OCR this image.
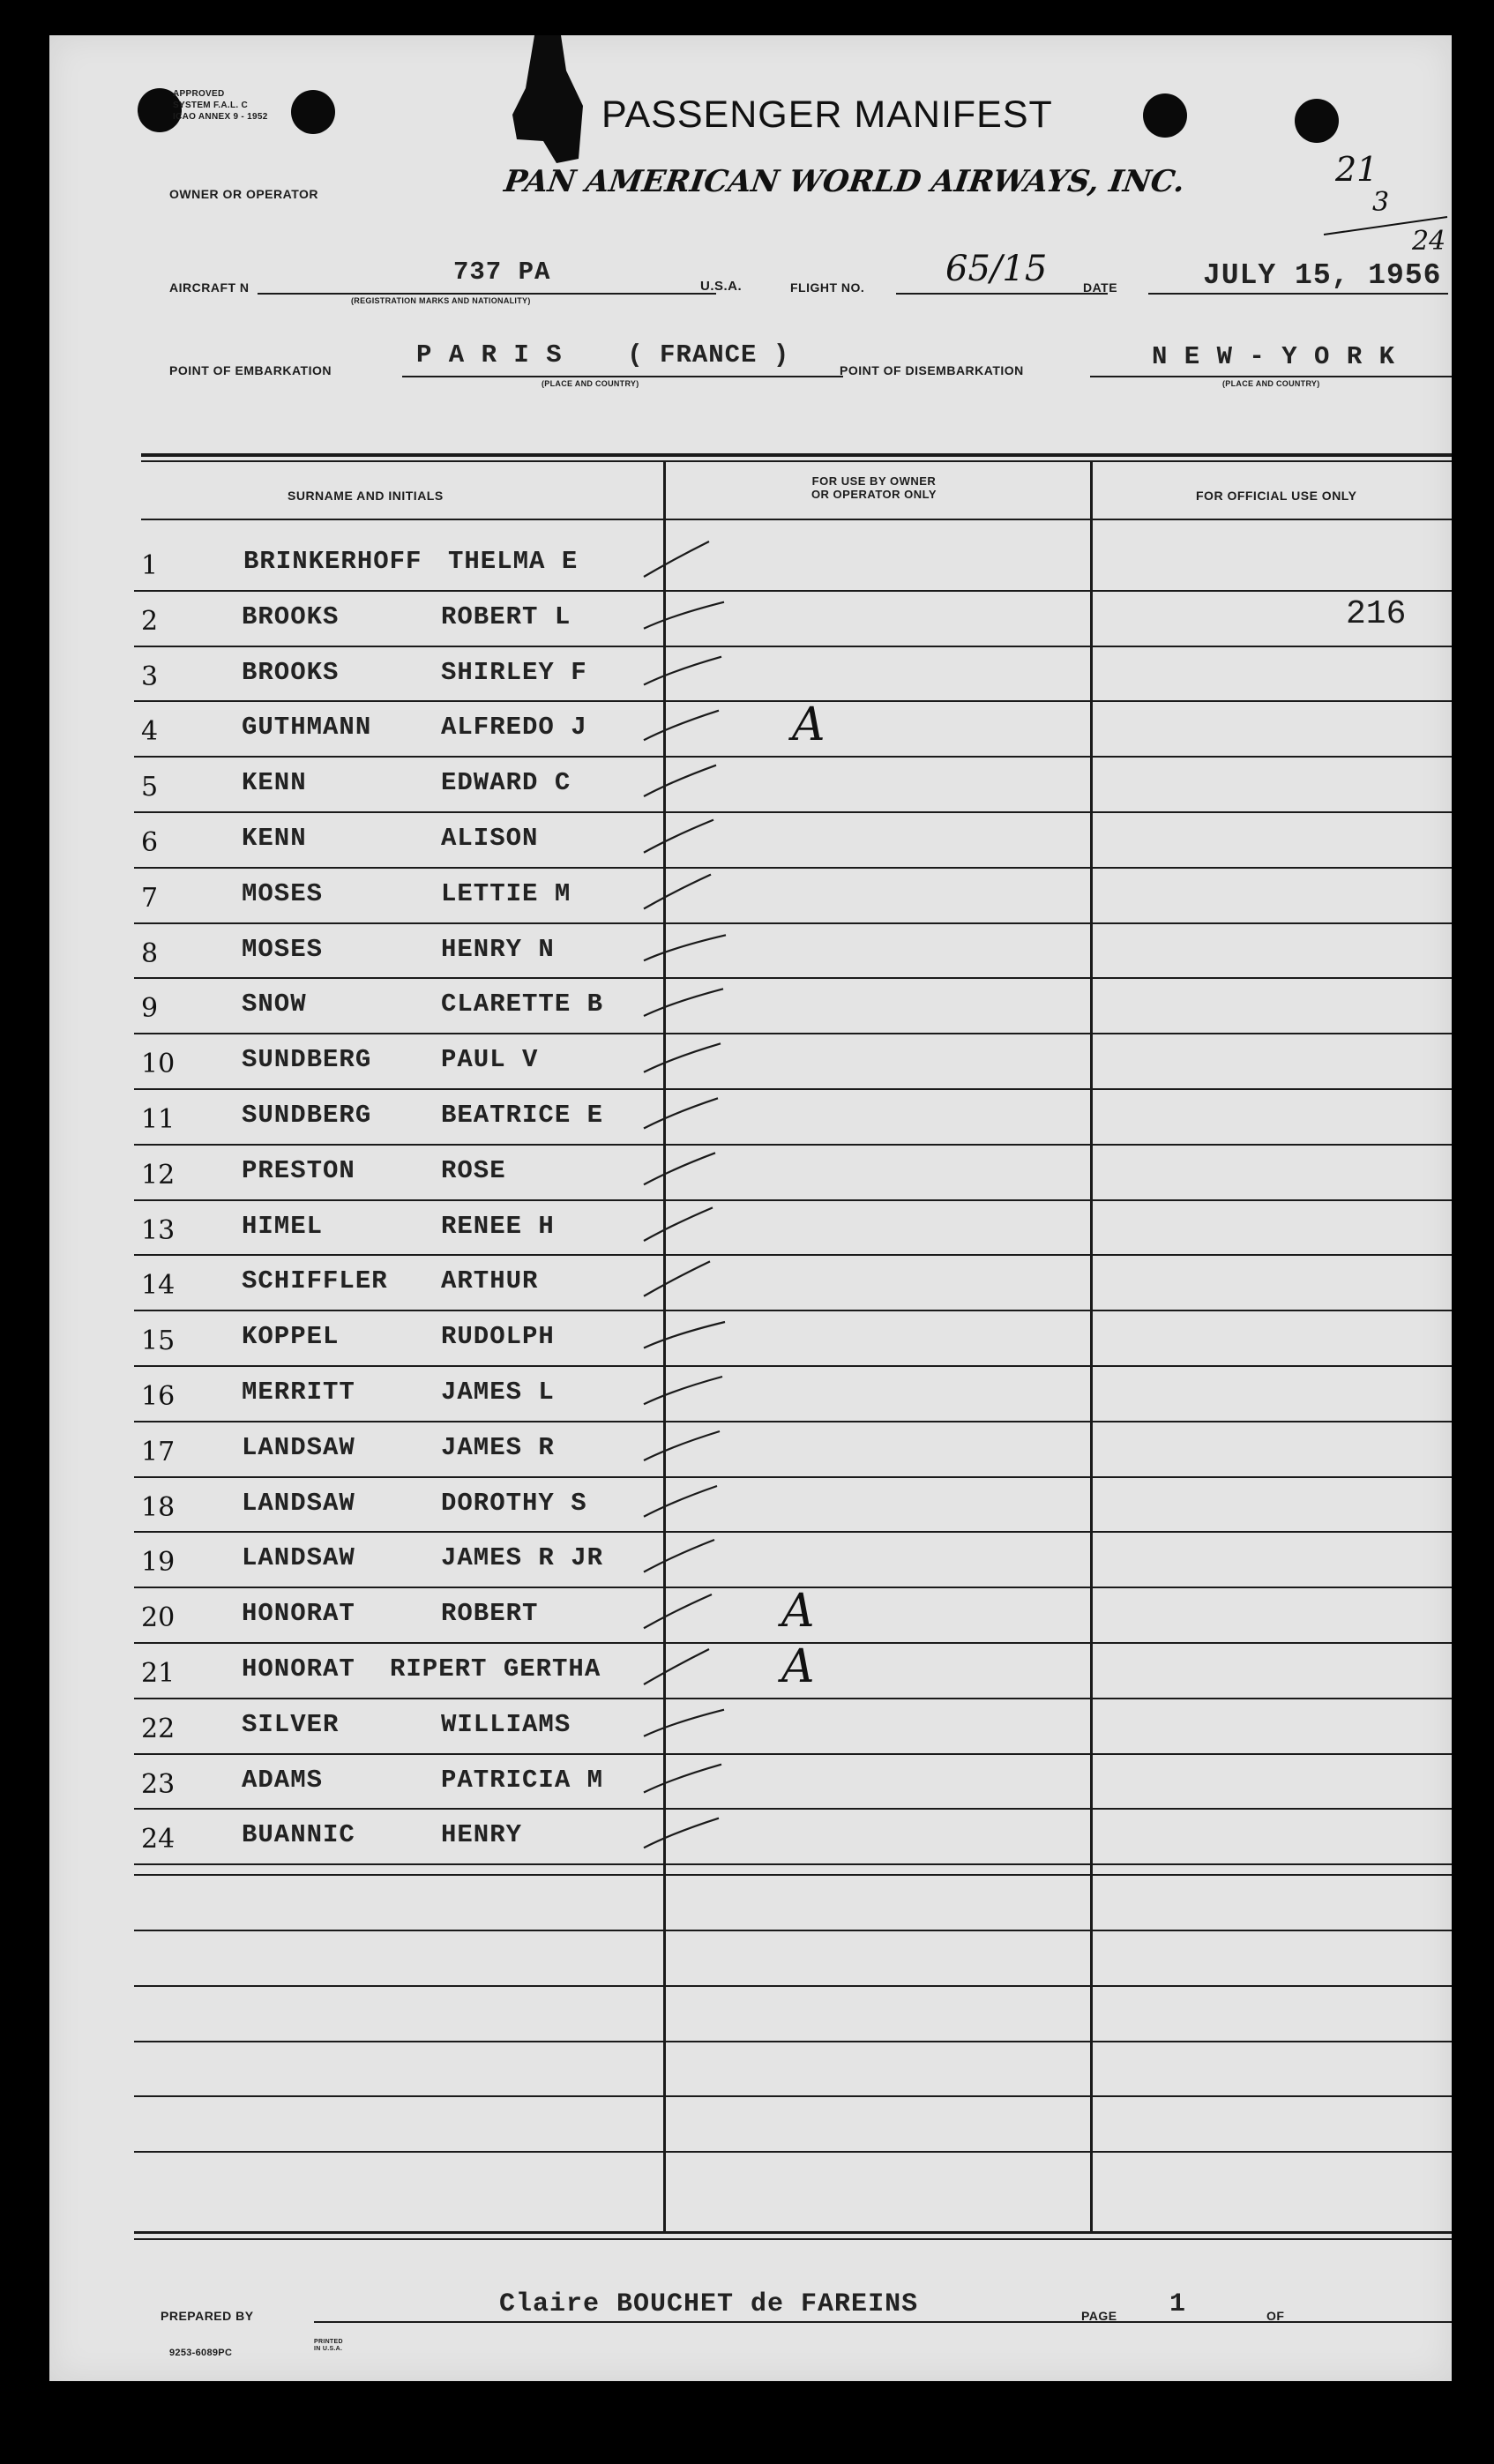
APPROVED
SYSTEM F.A.L. C
ICAO ANNEX 9 - 1952	PASSENGER MANIFEST
OWNER OR OPERATOR	PAN AMERICAN WORLD AIRWAYS, INC.	21
3
24
AIRCRAFT N
737 PA
(REGISTRATION MARKS AND NATIONALITY)
U.S.A.	FLIGHT NO. 65/15	DATE	JULY 15, 1956
POINT OF EMBARKATION
P A R I S    ( FRANCE )
(PLACE AND COUNTRY)
POINT OF DISEMBARKATION	N E W - Y O R K
(PLACE AND COUNTRY)
SURNAME AND INITIALS
FOR USE BY OWNER
OR OPERATOR ONLY	FOR OFFICIAL USE ONLY
1	BRINKERHOFF	THELMA E
2	BROOKS	ROBERT L	216
3	BROOKS	SHIRLEY F
4	GUTHMANN	ALFREDO J	A
5	KENN	EDWARD C
6	KENN	ALISON
7	MOSES	LETTIE M
8	MOSES	HENRY N
9	SNOW	CLARETTE B
10	SUNDBERG	PAUL V
11	SUNDBERG	BEATRICE E
12	PRESTON	ROSE
13	HIMEL	RENEE H
14	SCHIFFLER	ARTHUR
15	KOPPEL	RUDOLPH
16	MERRITT	JAMES L
17	LANDSAW	JAMES R
18	LANDSAW	DOROTHY S
19	LANDSAW	JAMES R JR
20	HONORAT	ROBERT	A
21	HONORAT	RIPERT GERTHA	A
22	SILVER	WILLIAMS
23	ADAMS	PATRICIA M
24	BUANNIC	HENRY
PREPARED BY	Claire BOUCHET de FAREINS	PAGE 1	OF
9253-6089PC
PRINTED IN U.S.A.
